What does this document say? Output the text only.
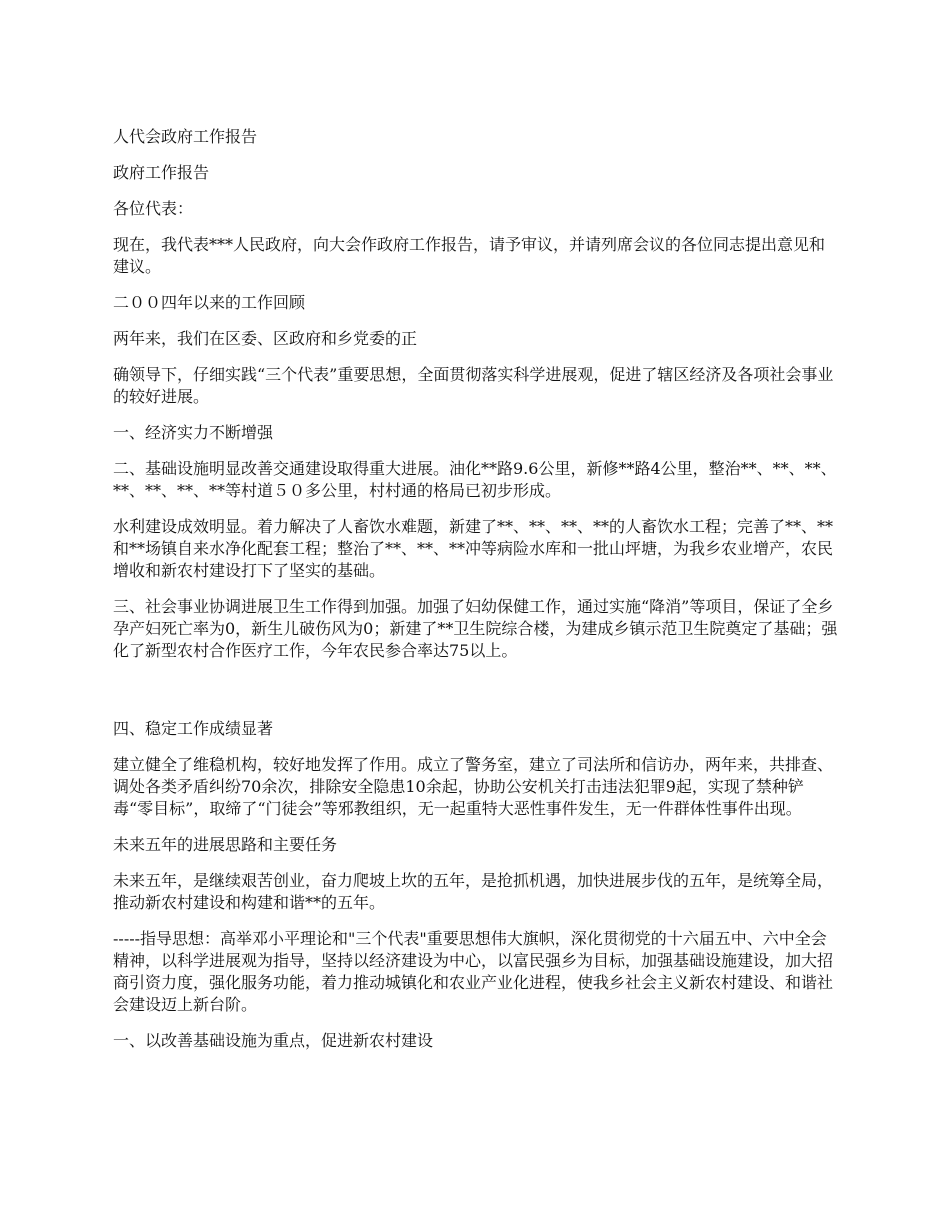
人代会政府工作报告

政府工作报告

各位代表：

现在，我代表***人民政府，向大会作政府工作报告，请予审议，并请列席会议的各位同志提出意见和建议。

二００四年以来的工作回顾

两年来，我们在区委、区政府和乡党委的正

确领导下，仔细实践“三个代表”重要思想，全面贯彻落实科学进展观，促进了辖区经济及各项社会事业的较好进展。

一、经济实力不断增强

二、基础设施明显改善交通建设取得重大进展。油化**路9.6公里，新修**路4公里，整治**、**、**、**、**、**、**等村道５０多公里，村村通的格局已初步形成。

水利建设成效明显。着力解决了人畜饮水难题，新建了**、**、**、**的人畜饮水工程；完善了**、**和**场镇自来水净化配套工程；整治了**、**、**冲等病险水库和一批山坪塘，为我乡农业增产，农民增收和新农村建设打下了坚实的基础。

三、社会事业协调进展卫生工作得到加强。加强了妇幼保健工作，通过实施“降消”等项目，保证了全乡孕产妇死亡率为0，新生儿破伤风为0；新建了**卫生院综合楼，为建成乡镇示范卫生院奠定了基础；强化了新型农村合作医疗工作，今年农民参合率达75以上。

四、稳定工作成绩显著

建立健全了维稳机构，较好地发挥了作用。成立了警务室，建立了司法所和信访办，两年来，共排查、调处各类矛盾纠纷70余次，排除安全隐患10余起，协助公安机关打击违法犯罪9起，实现了禁种铲毒“零目标”，取缔了“门徒会”等邪教组织，无一起重特大恶性事件发生，无一件群体性事件出现。

未来五年的进展思路和主要任务

未来五年，是继续艰苦创业，奋力爬坡上坎的五年，是抢抓机遇，加快进展步伐的五年，是统筹全局，推动新农村建设和构建和谐**的五年。

-----指导思想：高举邓小平理论和"三个代表"重要思想伟大旗帜，深化贯彻党的十六届五中、六中全会精神，以科学进展观为指导，坚持以经济建设为中心，以富民强乡为目标，加强基础设施建设，加大招商引资力度，强化服务功能，着力推动城镇化和农业产业化进程，使我乡社会主义新农村建设、和谐社会建设迈上新台阶。

一、以改善基础设施为重点，促进新农村建设
